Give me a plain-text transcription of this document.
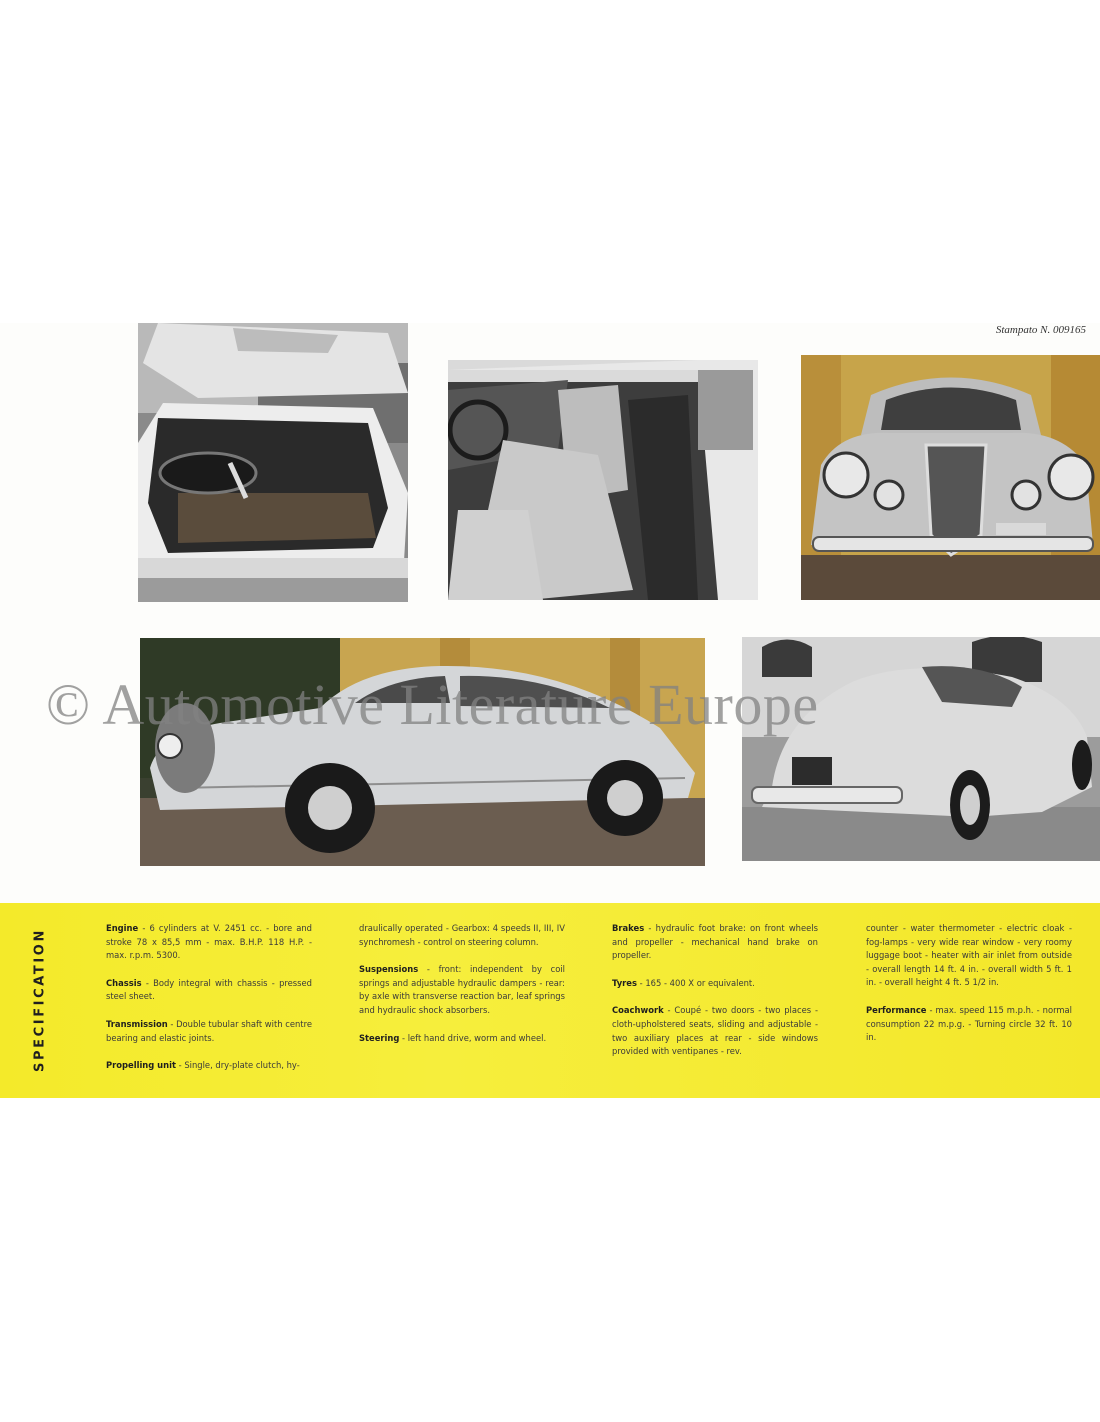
Stampato N. 009165
© Automotive Literature Europe
SPECIFICATION

Engine - 6 cylinders at V. 2451 cc. - bore and stroke 78 x 85,5 mm - max. B.H.P. 118 H.P. - max. r.p.m. 5300.

Chassis - Body integral with chassis - pressed steel sheet.

Transmission - Double tubular shaft with centre bearing and elastic joints.

Propelling unit - Single, dry-plate clutch, hy-

draulically operated - Gearbox: 4 speeds II, III, IV synchromesh - control on steering column.

Suspensions - front: independent by coil springs and adjustable hydraulic dampers - rear: by axle with transverse reaction bar, leaf springs and hydraulic shock absorbers.

Steering - left hand drive, worm and wheel.

Brakes - hydraulic foot brake: on front wheels and propeller - mechanical hand brake on propeller.

Tyres - 165 - 400 X or equivalent.

Coachwork - Coupé - two doors - two places - cloth-upholstered seats, sliding and adjustable - two auxiliary places at rear - side windows provided with ventipanes - rev.

counter - water thermometer - electric cloak - fog-lamps - very wide rear window - very roomy luggage boot - heater with air inlet from outside - overall length 14 ft. 4 in. - overall width 5 ft. 1 in. - overall height 4 ft. 5 1/2 in.

Performance - max. speed 115 m.p.h. - normal consumption 22 m.p.g. - Turning circle 32 ft. 10 in.
